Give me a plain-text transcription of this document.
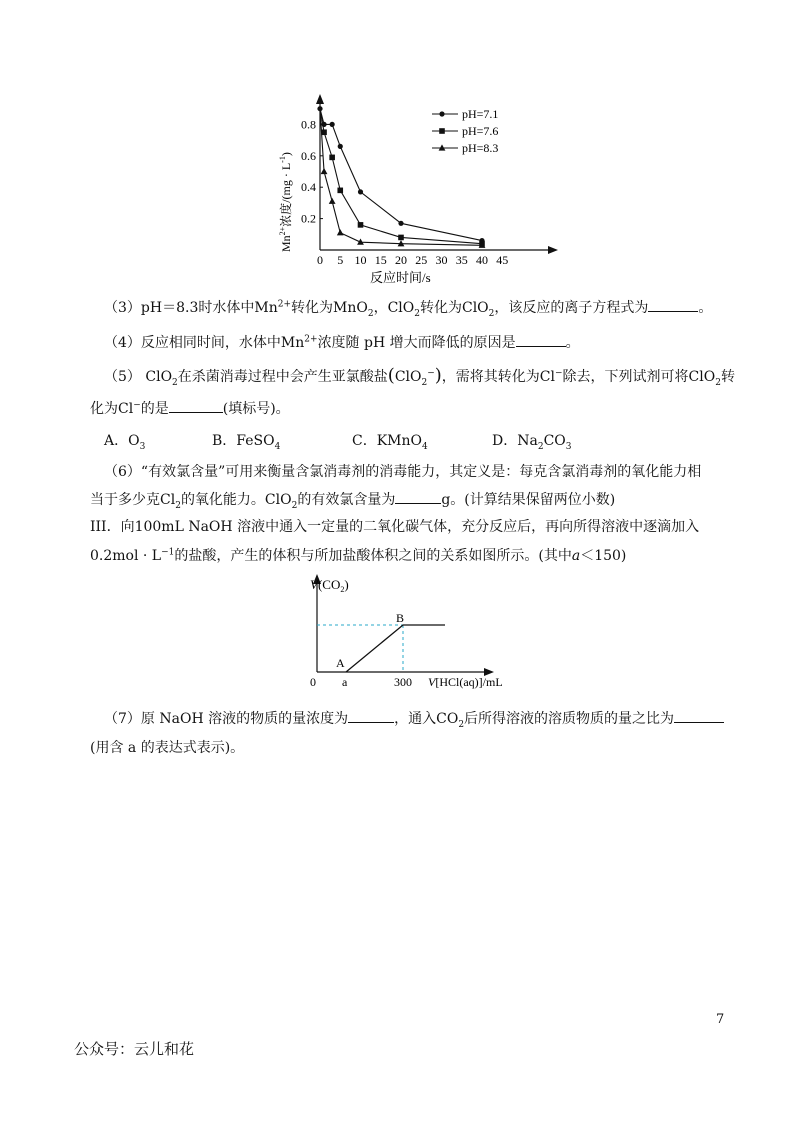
0.2
0.4
0.6
0.8
0 5 10 15 20 25 30 35 40 45
pH=7.1
pH=7.6
pH=8.3
$Mn^{2+}$浓度$/(mg \cdot L^{-1})$
反应时间/s
（3）pH＝8.3时水体中$Mn^{2+}$转化为MnO$_2$，ClO$_2$转化为ClO$_2$，该反应的离子方程式为	。
（4）反应相同时间，水体中$Mn^{2+}$浓度随 pH 增大而降低的原因是	。
（5） ClO$_2$在杀菌消毒过程中会产生亚氯酸盐(ClO$_2$−)，需将其转化为Cl−除去，下列试剂可将ClO$_2$转
化为Cl−的是	(填标号)。
A．$O_3$	B．FeSO$_4$	C．KMnO$_4$	D．$Na_2CO_3$
（6）“有效氯含量”可用来衡量含氯消毒剂的消毒能力，其定义是：每克含氯消毒剂的氧化能力相
当于多少克$Cl_2$的氧化能力。ClO$_2$的有效氯含量为	g。(计算结果保留两位小数)
III．向100mL NaOH 溶液中通入一定量的二氧化碳气体，充分反应后，再向所得溶液中逐滴加入
$0.2mol \cdot L^{-1}$的盐酸，产生的体积与所加盐酸体积之间的关系如图所示。(其中a＜150)
$V(CO_2)$
0 a	300
A
B
V[HCl(aq)]/mL
（7）原 NaOH 溶液的物质的量浓度为	，通入$CO_2$后所得溶液的溶质物质的量之比为
(用含 a 的表达式表示)。
7
公众号：云儿和花
